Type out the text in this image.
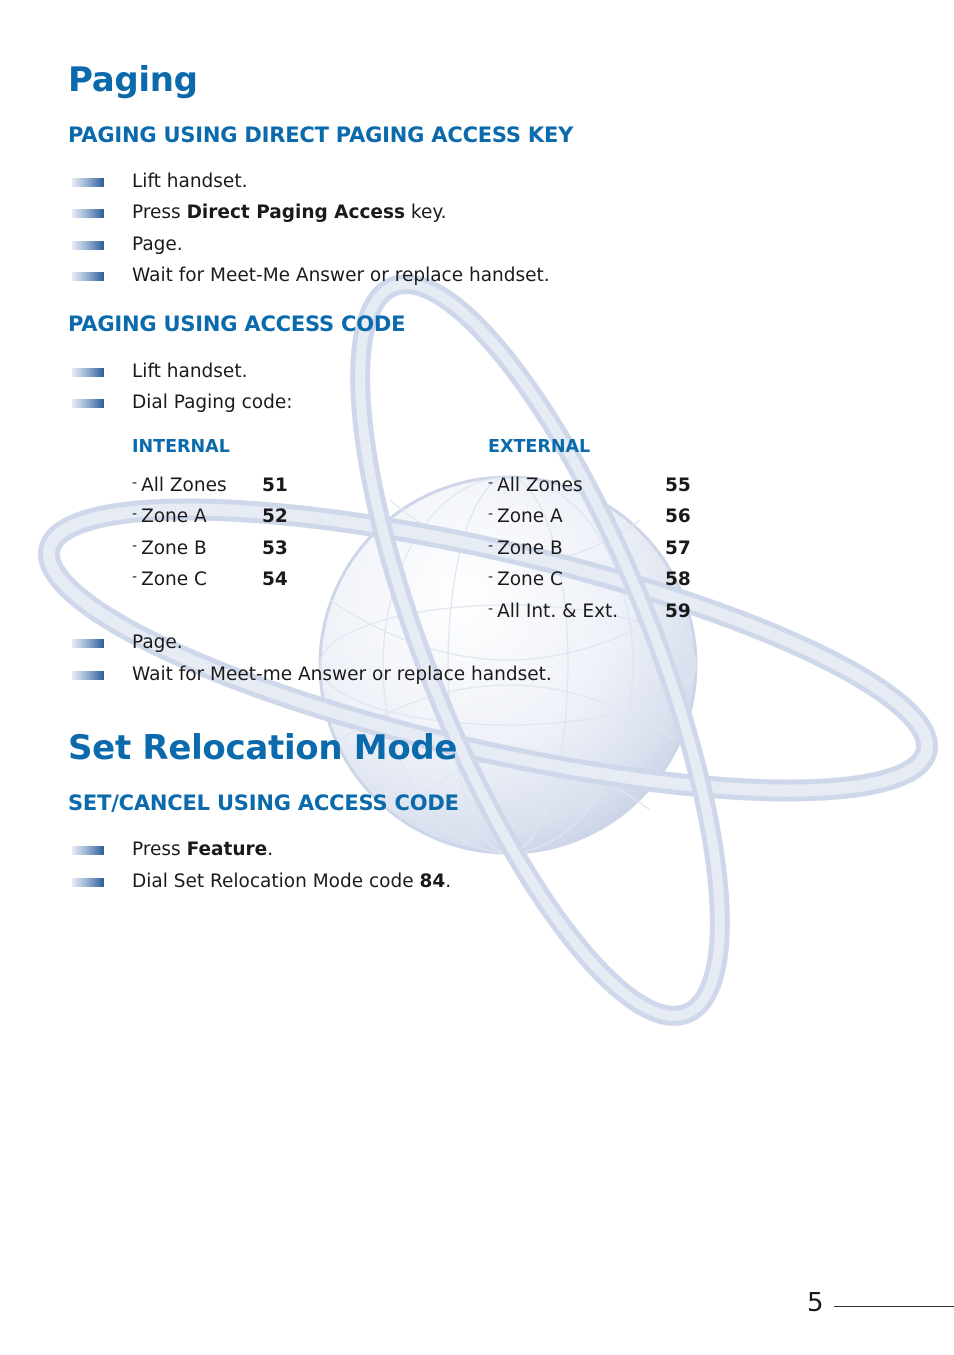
Paging
PAGING USING DIRECT PAGING ACCESS KEY
Lift handset.
Press Direct Paging Access key.
Page.
Wait for Meet-Me Answer or replace handset.
PAGING USING ACCESS CODE
Lift handset.
Dial Paging code:
INTERNAL
- All Zones 51
- Zone A	52
- Zone B	53
- Zone C	54
EXTERNAL
- All Zones	55
- Zone A	56
- Zone B	57
- Zone C	58
- All Int. & Ext.	59
Page.
Wait for Meet-me Answer or replace handset.
Set Relocation Mode
SET/CANCEL USING ACCESS CODE
Press Feature.
Dial Set Relocation Mode code 84.
5
